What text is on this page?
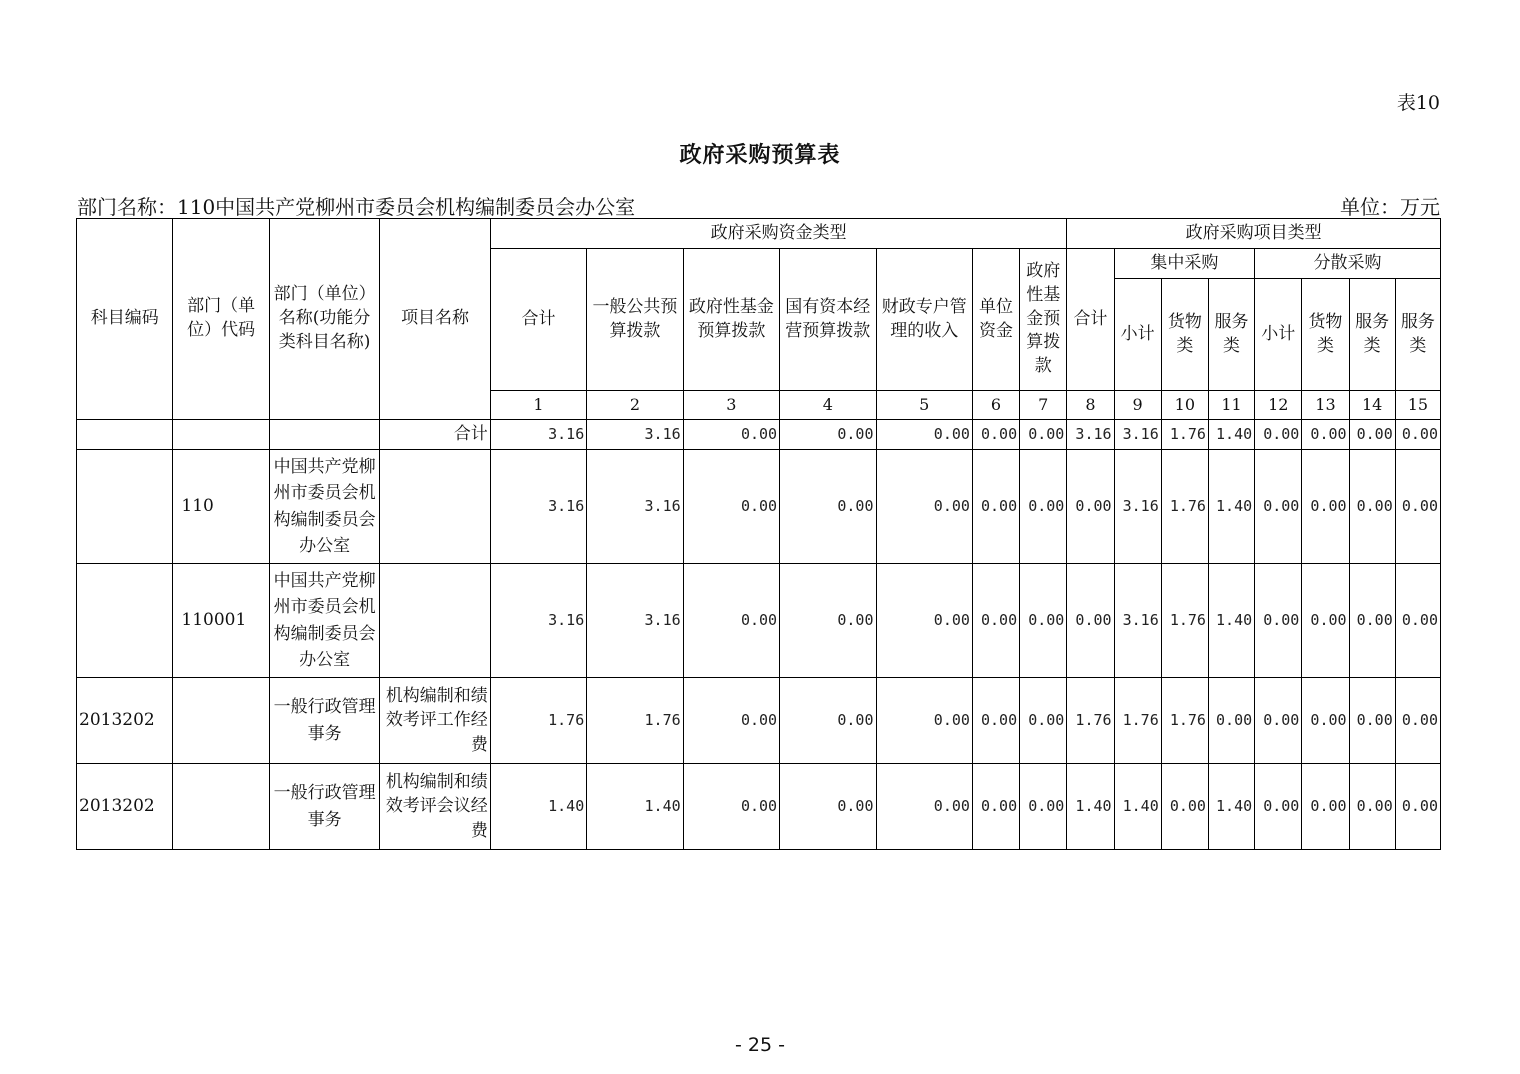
表10
政府采购预算表
部门名称：110中国共产党柳州市委员会机构编制委员会办公室	单位：万元
科目编码	部门（单位）代码	部门（单位）名称(功能分类科目名称)	项目名称	政府采购资金类型							政府采购项目类型							
				合计	一般公共预算拨款	政府性基金预算拨款	国有资本经营预算拨款	财政专户管理的收入	单位资金	政府性基金预算拨款	合计	集中采购			分散采购			
												小计	货物类	服务类	小计	货物类	服务类	服务类
				1	2	3	4	5	6	7	8	9	10	11	12	13	14	15
			合计	3.16	3.16	0.00	0.00	0.00	0.00	0.00	3.16	3.16	1.76	1.40	0.00	0.00	0.00	0.00
	110	中国共产党柳州市委员会机构编制委员会办公室		3.16	3.16	0.00	0.00	0.00	0.00	0.00	0.00	3.16	1.76	1.40	0.00	0.00	0.00	0.00
	110001	中国共产党柳州市委员会机构编制委员会办公室		3.16	3.16	0.00	0.00	0.00	0.00	0.00	0.00	3.16	1.76	1.40	0.00	0.00	0.00	0.00
2013202		一般行政管理事务	机构编制和绩效考评工作经费	1.76	1.76	0.00	0.00	0.00	0.00	0.00	1.76	1.76	1.76	0.00	0.00	0.00	0.00	0.00
2013202		一般行政管理事务	机构编制和绩效考评会议经费	1.40	1.40	0.00	0.00	0.00	0.00	0.00	1.40	1.40	0.00	1.40	0.00	0.00	0.00	0.00
- 25 -
